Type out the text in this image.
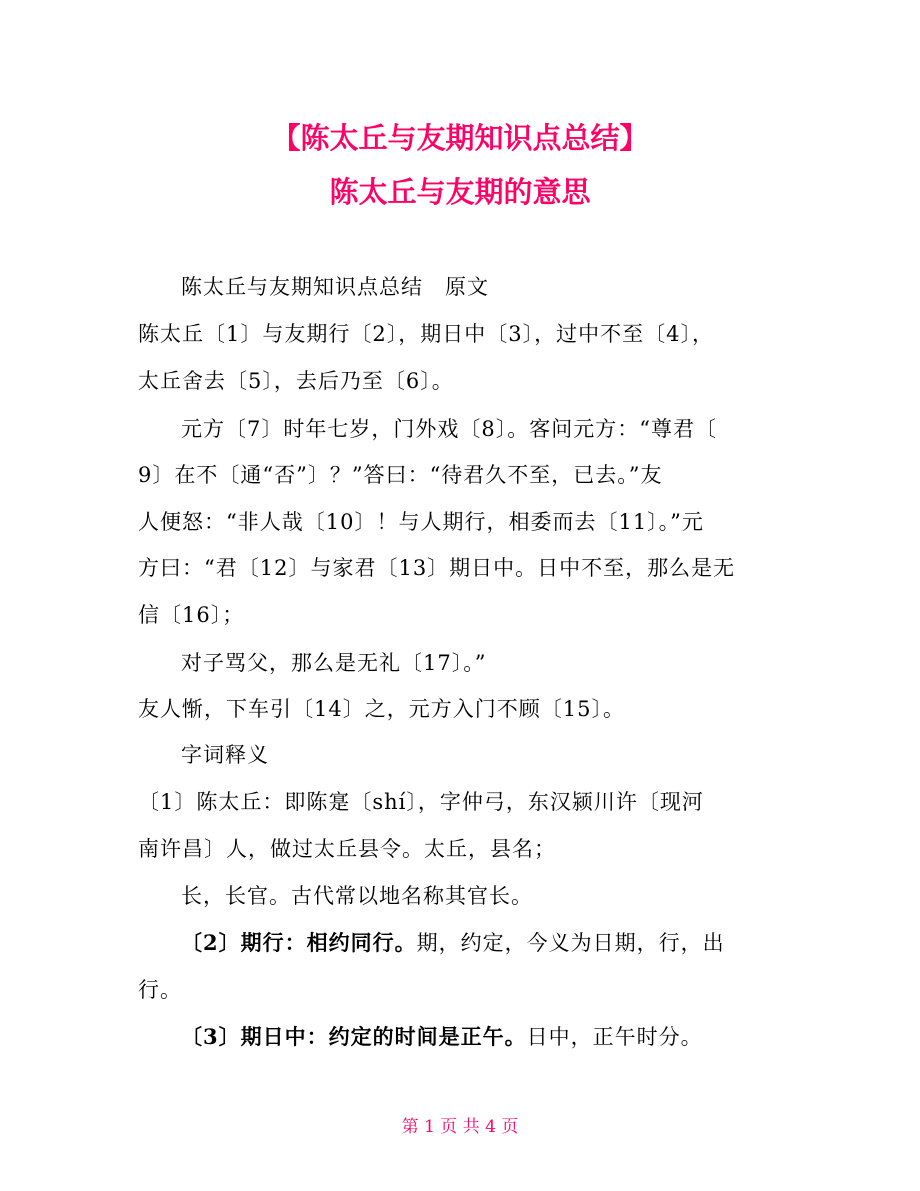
【陈太丘与友期知识点总结】
陈太丘与友期的意思
陈太丘与友期知识点总结　原文
陈太丘〔1〕与友期行〔2〕，期日中〔3〕，过中不至〔4〕，
太丘舍去〔5〕，去后乃至〔6〕。
元方〔7〕时年七岁，门外戏〔8〕。客问元方：“尊君〔
9〕在不〔通“否”〕？”答曰：“待君久不至，已去。”友
人便怒：“非人哉〔10〕！与人期行，相委而去〔11〕。”元
方曰：“君〔12〕与家君〔13〕期日中。日中不至，那么是无
信〔16〕；
对子骂父，那么是无礼〔17〕。”
友人惭，下车引〔14〕之，元方入门不顾〔15〕。
字词释义
〔1〕陈太丘：即陈寔〔shí〕，字仲弓，东汉颍川许〔现河
南许昌〕人，做过太丘县令。太丘，县名；
长，长官。古代常以地名称其官长。
〔2〕期行：相约同行。期，约定，今义为日期，行，出
行。
〔3〕期日中：约定的时间是正午。日中，正午时分。
第 1 页 共 4 页
